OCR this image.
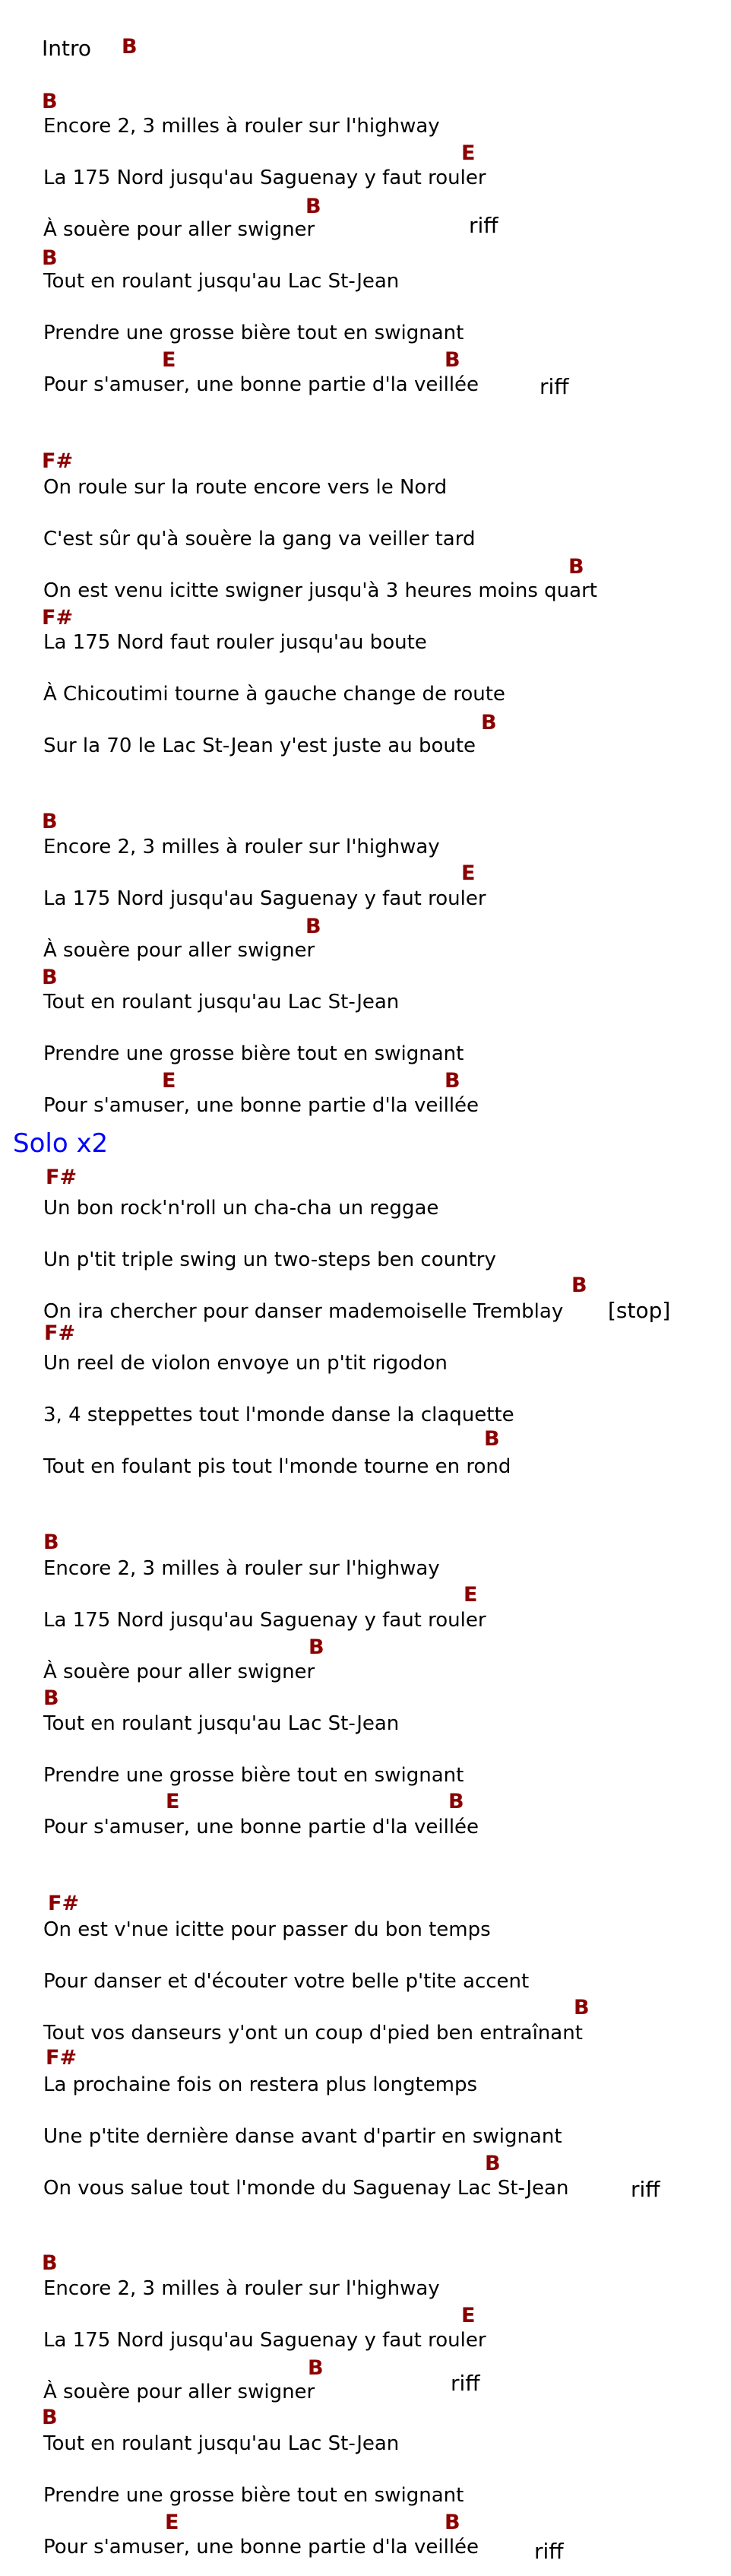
Intro B
B
Encore 2, 3 milles à rouler sur l'highway
E
La 175 Nord jusqu'au Saguenay y faut rouler
B
riff
À souère pour aller swigner
B
Tout en roulant jusqu'au Lac St-Jean
Prendre une grosse bière tout en swignant
E	B
Pour s'amuser, une bonne partie d'la veillée	riff
F#
On roule sur la route encore vers le Nord
C'est sûr qu'à souère la gang va veiller tard
B
On est venu icitte swigner jusqu'à 3 heures moins quart
F#
La 175 Nord faut rouler jusqu'au boute
À Chicoutimi tourne à gauche change de route
B
Sur la 70 le Lac St-Jean y'est juste au boute
B
Encore 2, 3 milles à rouler sur l'highway
E
La 175 Nord jusqu'au Saguenay y faut rouler
B
À souère pour aller swigner
B
Tout en roulant jusqu'au Lac St-Jean
Prendre une grosse bière tout en swignant
E	B
Pour s'amuser, une bonne partie d'la veillée
Solo x2
F#
Un bon rock'n'roll un cha-cha un reggae
Un p'tit triple swing un two-steps ben country
B
On ira chercher pour danser mademoiselle Tremblay [stop]
F#
Un reel de violon envoye un p'tit rigodon
3, 4 steppettes tout l'monde danse la claquette
B
Tout en foulant pis tout l'monde tourne en rond
B
Encore 2, 3 milles à rouler sur l'highway
E
La 175 Nord jusqu'au Saguenay y faut rouler
B
À souère pour aller swigner
B
Tout en roulant jusqu'au Lac St-Jean
Prendre une grosse bière tout en swignant
E	B
Pour s'amuser, une bonne partie d'la veillée
F#
On est v'nue icitte pour passer du bon temps
Pour danser et d'écouter votre belle p'tite accent
B
Tout vos danseurs y'ont un coup d'pied ben entraînant
F#
La prochaine fois on restera plus longtemps
Une p'tite dernière danse avant d'partir en swignant
B
On vous salue tout l'monde du Saguenay Lac St-Jean	riff
B
Encore 2, 3 milles à rouler sur l'highway
E
La 175 Nord jusqu'au Saguenay y faut rouler
B
riff
À souère pour aller swigner
B
Tout en roulant jusqu'au Lac St-Jean
Prendre une grosse bière tout en swignant
E	B
Pour s'amuser, une bonne partie d'la veillée	riff
